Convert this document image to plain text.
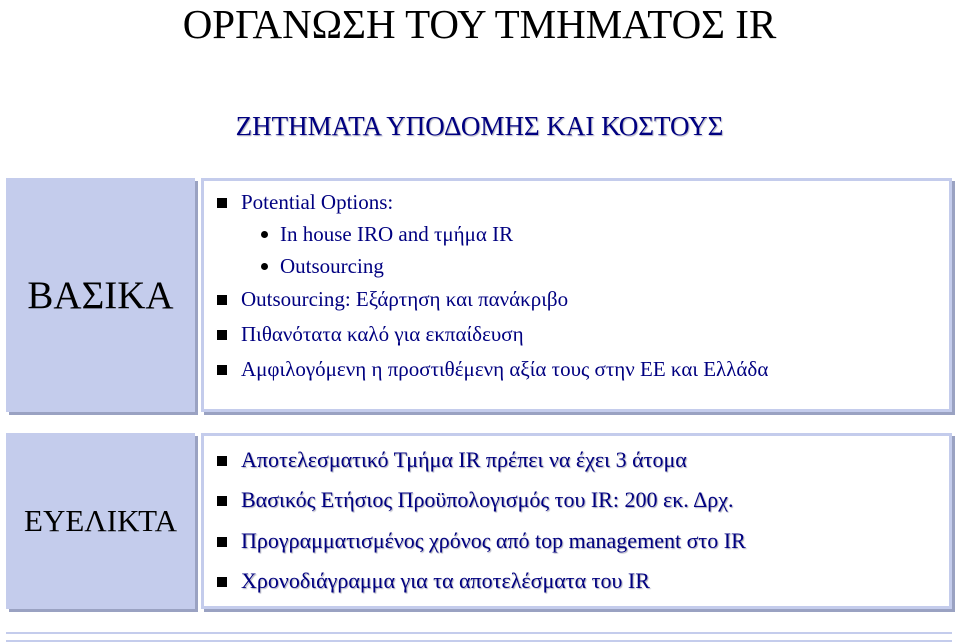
ΟΡΓΑΝΩΣΗ ΤΟΥ ΤΜΗΜΑΤΟΣ IR
ΖΗΤΗΜΑΤΑ ΥΠΟΔΟΜΗΣ ΚΑΙ ΚΟΣΤΟΥΣ
ΒΑΣΙΚΑ
Potential Options:
In house IRO and τμήμα IR
Outsourcing
Outsourcing: Εξάρτηση και πανάκριβο
Πιθανότατα καλό για εκπαίδευση
Αμφιλογόμενη η προστιθέμενη αξία τους στην ΕΕ και Ελλάδα
ΕΥΕΛΙΚΤΑ
Αποτελεσματικό Τμήμα IR πρέπει να έχει 3 άτομα
Βασικός Ετήσιος Προϋπολογισμός του IR: 200 εκ. Δρχ.
Προγραμματισμένος χρόνος από top management στο IR
Χρονοδιάγραμμα για τα αποτελέσματα του IR
